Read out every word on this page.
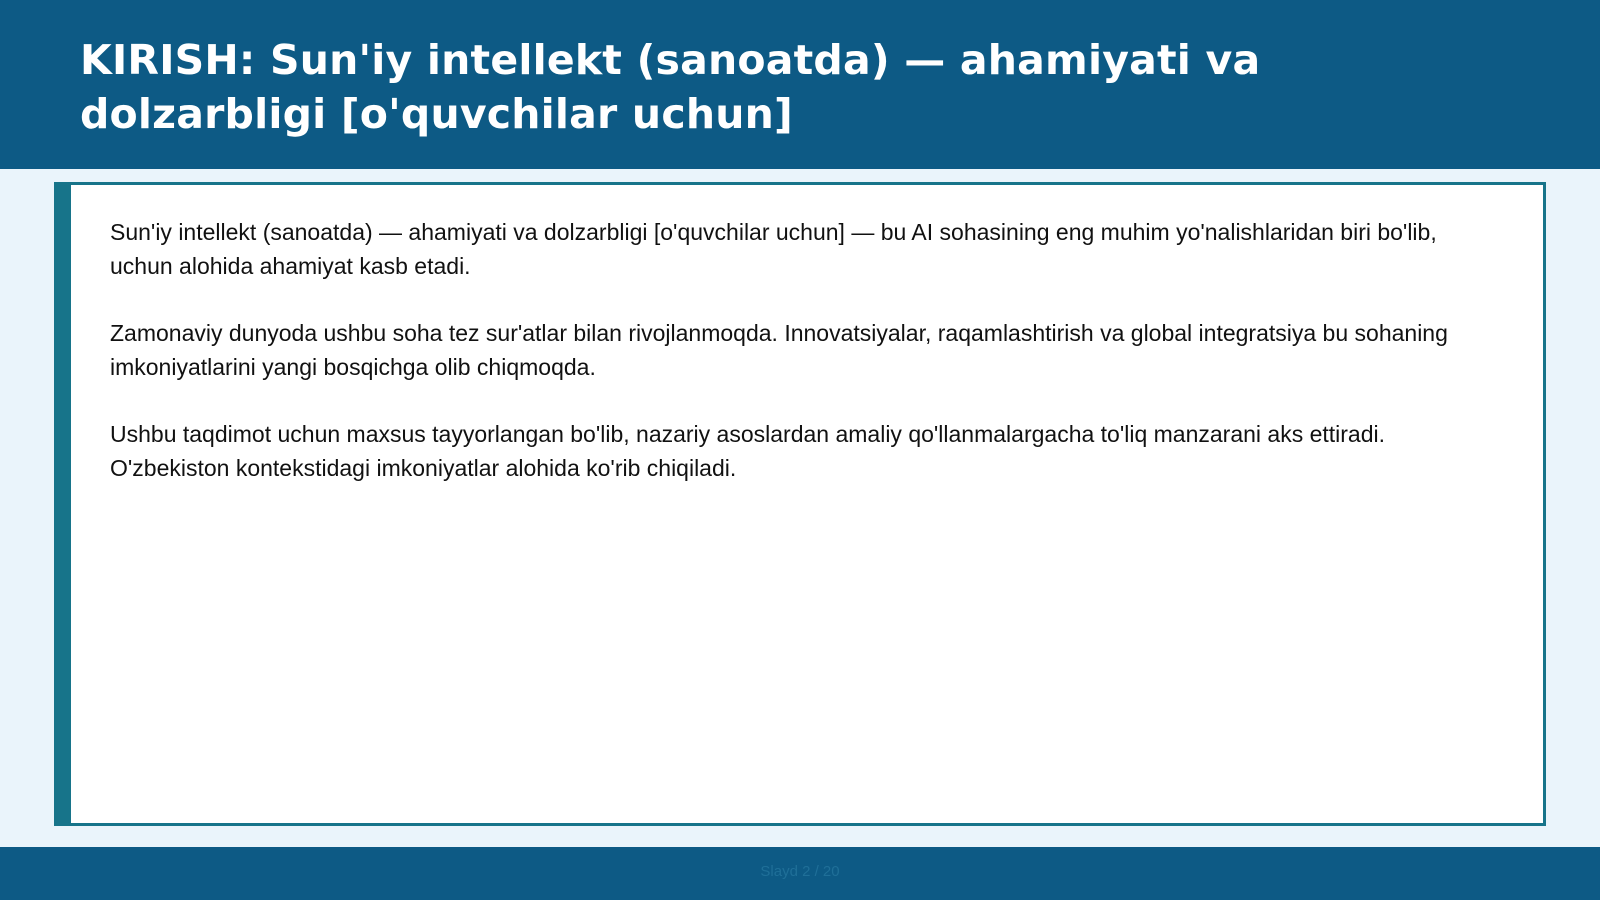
KIRISH: Sun'iy intellekt (sanoatda) — ahamiyati va dolzarbligi [o'quvchilar uchun]

Sun'iy intellekt (sanoatda) — ahamiyati va dolzarbligi [o'quvchilar uchun] — bu AI sohasining eng muhim yo'nalishlaridan biri bo'lib, uchun alohida ahamiyat kasb etadi.

Zamonaviy dunyoda ushbu soha tez sur'atlar bilan rivojlanmoqda. Innovatsiyalar, raqamlashtirish va global integratsiya bu sohaning imkoniyatlarini yangi bosqichga olib chiqmoqda.

Ushbu taqdimot uchun maxsus tayyorlangan bo'lib, nazariy asoslardan amaliy qo'llanmalargacha to'liq manzarani aks ettiradi. O'zbekiston kontekstidagi imkoniyatlar alohida ko'rib chiqiladi.

Slayd 2 / 20
